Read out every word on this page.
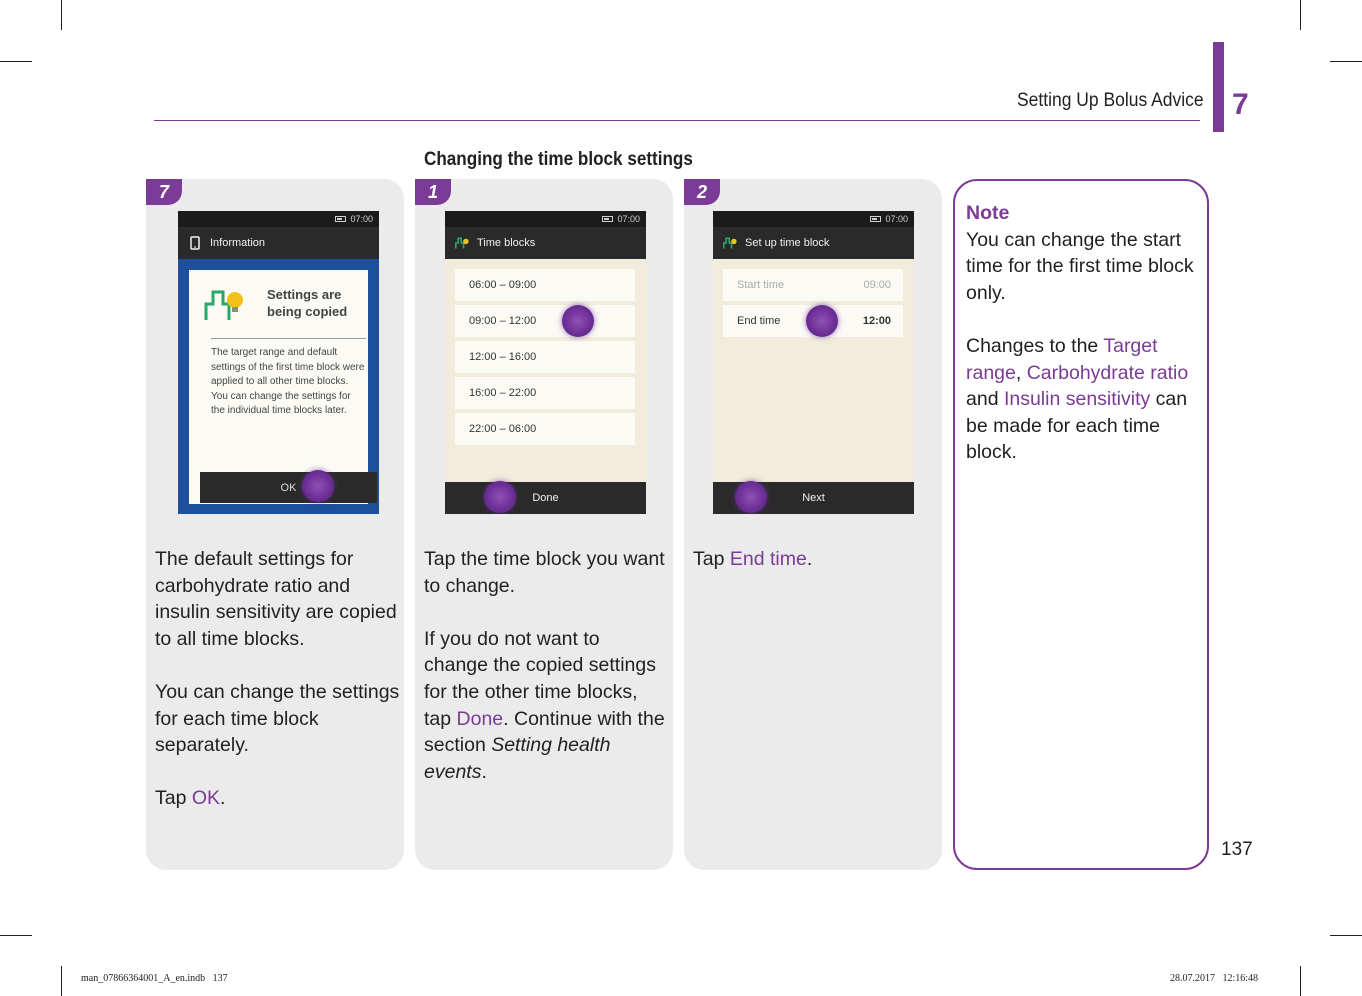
Setting Up Bolus Advice 7
Changing the time block settings
7
07:00
Information
Settings are being copied
The target range and default settings of the first time block were applied to all other time blocks. You can change the settings for the individual time blocks later.
OK

The default settings for carbohydrate ratio and insulin sensitivity are copied to all time blocks.

You can change the settings for each time block separately.

Tap OK.

1
07:00
Time blocks
06:00 – 09:00
09:00 – 12:00
12:00 – 16:00
16:00 – 22:00
22:00 – 06:00
Done

Tap the time block you want to change.

If you do not want to change the copied settings for the other time blocks, tap Done. Continue with the section Setting health events.

2
07:00
Set up time block
Start time	09:00
End time	12:00
Next

Tap End time.

Note

You can change the start time for the first time block only.

Changes to the Target range, Carbohydrate ratio and Insulin sensitivity can be made for each time block.

137
man_07866364001_A_en.indb   137	28.07.2017   12:16:48
